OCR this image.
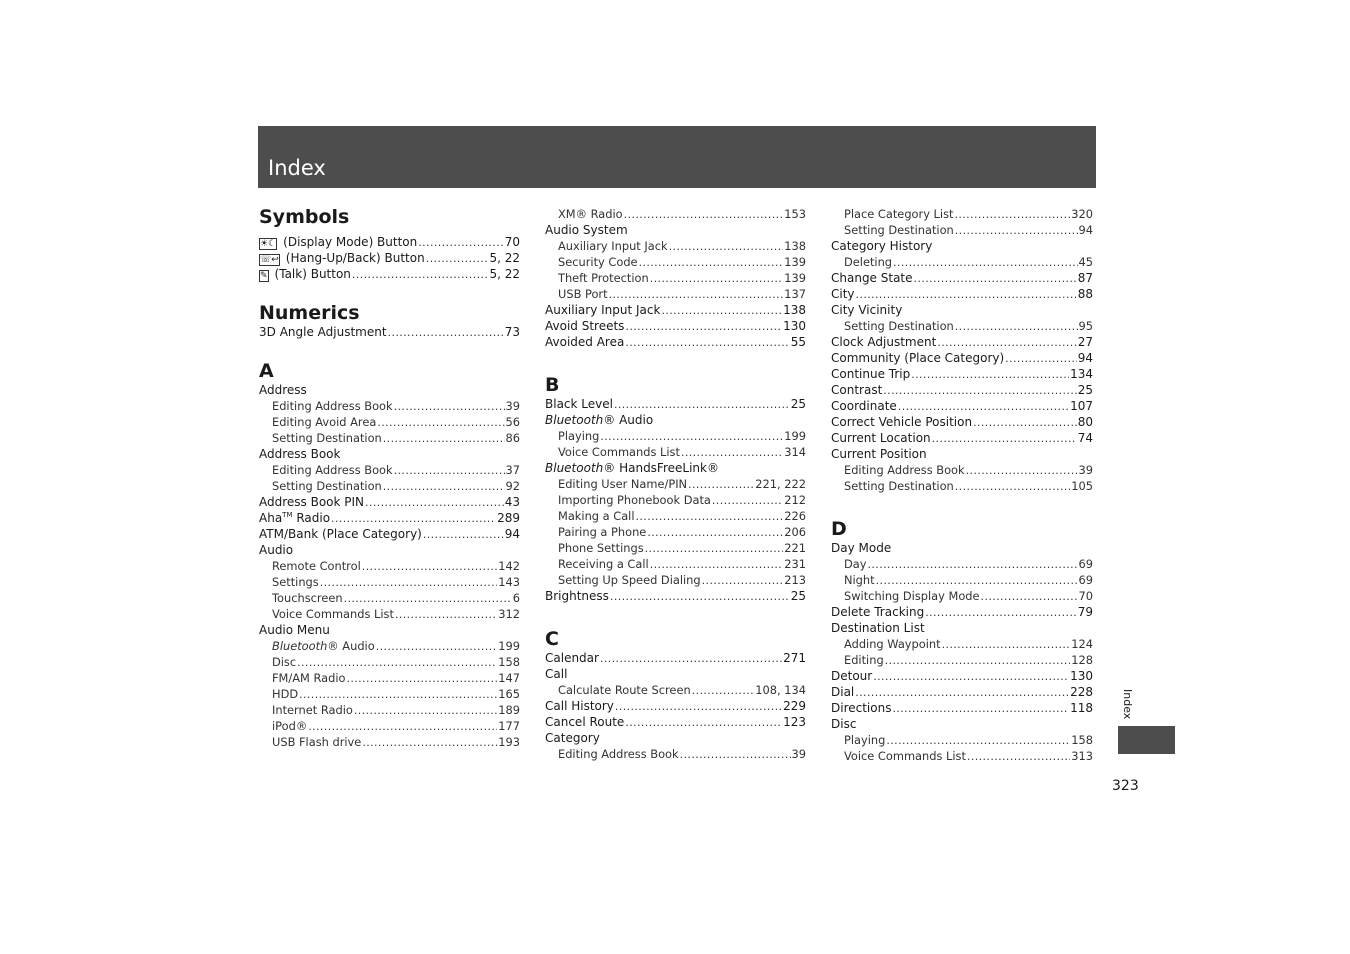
Index
Symbols
☀☾ (Display Mode) Button .....	70
☏↩ (Hang-Up/Back) Button .....	5, 22
✎ (Talk) Button .....	5, 22
Numerics
3D Angle Adjustment .....	73
A
Address
Editing Address Book .....	39
Editing Avoid Area .....	56
Setting Destination .....	86
Address Book
Editing Address Book .....	37
Setting Destination .....	92
Address Book PIN .....	43
Aha™ Radio .....	289
ATM/Bank (Place Category) .....	94
Audio
Remote Control .....	142
Settings .....	143
Touchscreen .....	6
Voice Commands List .....	312
Audio Menu
Bluetooth® Audio .....	199
Disc .....	158
FM/AM Radio .....	147
HDD .....	165
Internet Radio .....	189
iPod® .....	177
USB Flash drive .....	193
XM® Radio .....	153
Audio System
Auxiliary Input Jack .....	138
Security Code .....	139
Theft Protection .....	139
USB Port .....	137
Auxiliary Input Jack .....	138
Avoid Streets .....	130
Avoided Area .....	55
B
Black Level .....	25
Bluetooth® Audio
Playing .....	199
Voice Commands List .....	314
Bluetooth® HandsFreeLink®
Editing User Name/PIN .....	221, 222
Importing Phonebook Data .....	212
Making a Call .....	226
Pairing a Phone .....	206
Phone Settings .....	221
Receiving a Call .....	231
Setting Up Speed Dialing .....	213
Brightness .....	25
C
Calendar .....	271
Call
Calculate Route Screen .....	108, 134
Call History .....	229
Cancel Route .....	123
Category
Editing Address Book .....	39
Place Category List .....	320
Setting Destination .....	94
Category History
Deleting .....	45
Change State .....	87
City .....	88
City Vicinity
Setting Destination .....	95
Clock Adjustment .....	27
Community (Place Category) .....	94
Continue Trip .....	134
Contrast .....	25
Coordinate .....	107
Correct Vehicle Position .....	80
Current Location .....	74
Current Position
Editing Address Book .....	39
Setting Destination .....	105
D
Day Mode
Day .....	69
Night .....	69
Switching Display Mode .....	70
Delete Tracking .....	79
Destination List
Adding Waypoint .....	124
Editing .....	128
Detour .....	130
Dial .....	228
Directions .....	118
Disc
Playing .....	158
Voice Commands List .....	313
Index
323
